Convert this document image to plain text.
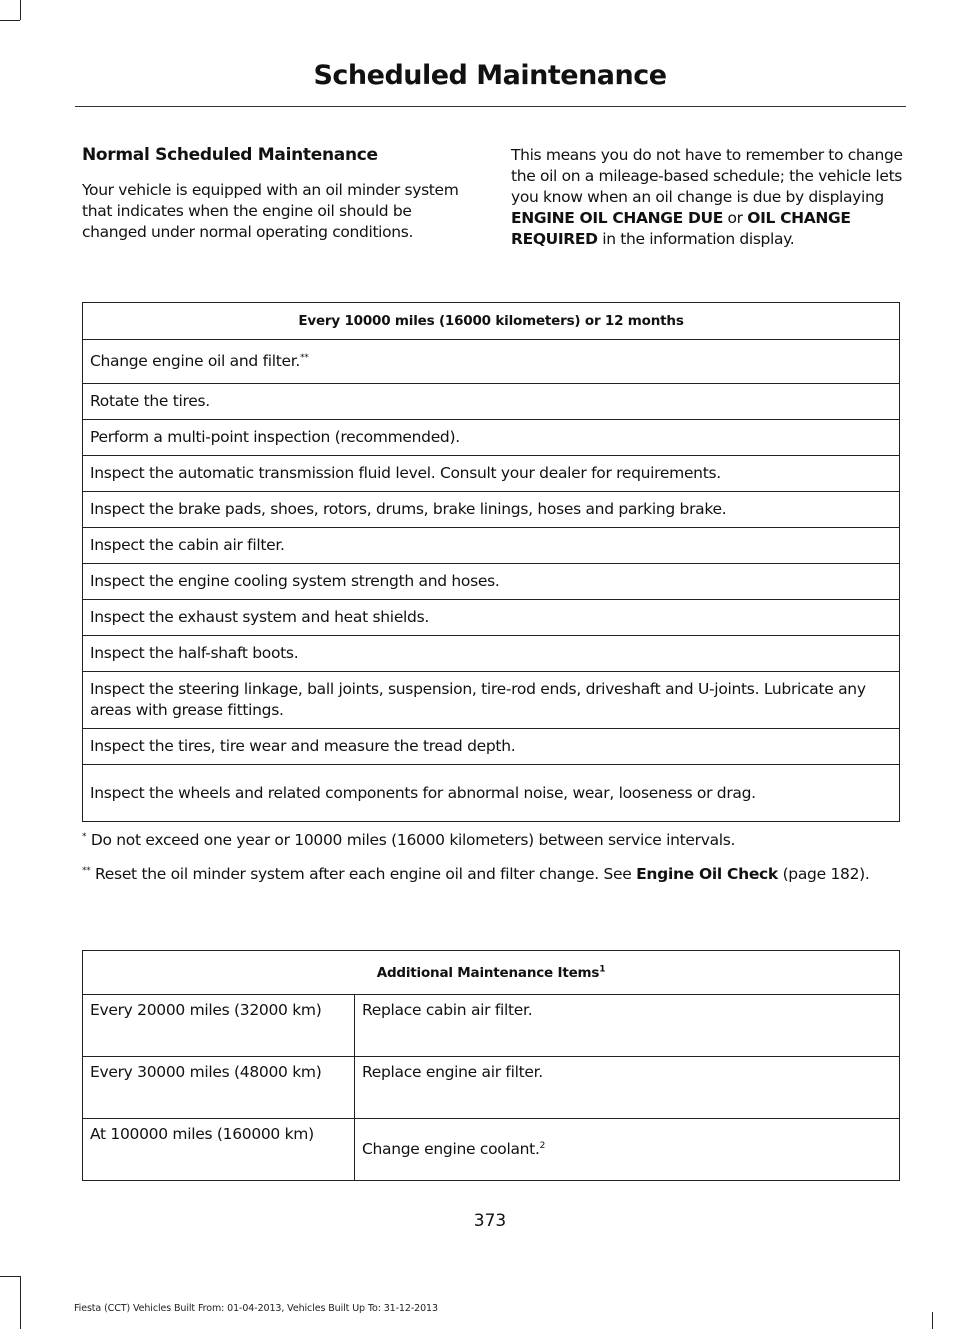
Scheduled Maintenance
Normal Scheduled Maintenance

Your vehicle is equipped with an oil minder system that indicates when the engine oil should be changed under normal operating conditions.

This means you do not have to remember to change the oil on a mileage-based schedule; the vehicle lets you know when an oil change is due by displaying ENGINE OIL CHANGE DUE or OIL CHANGE REQUIRED in the information display.

Every 10000 miles (16000 kilometers) or 12 months
Change engine oil and filter.**
Rotate the tires.
Perform a multi-point inspection (recommended).
Inspect the automatic transmission fluid level. Consult your dealer for requirements.
Inspect the brake pads, shoes, rotors, drums, brake linings, hoses and parking brake.
Inspect the cabin air filter.
Inspect the engine cooling system strength and hoses.
Inspect the exhaust system and heat shields.
Inspect the half-shaft boots.
Inspect the steering linkage, ball joints, suspension, tire-rod ends, driveshaft and U-joints. Lubricate any areas with grease fittings.
Inspect the tires, tire wear and measure the tread depth.
Inspect the wheels and related components for abnormal noise, wear, looseness or drag.
* Do not exceed one year or 10000 miles (16000 kilometers) between service intervals.
** Reset the oil minder system after each engine oil and filter change. See Engine Oil Check (page 182).
Additional Maintenance Items$^1$
Every 20000 miles (32000 km)	Replace cabin air filter.
Every 30000 miles (48000 km)	Replace engine air filter.
At 100000 miles (160000 km)	Change engine coolant.$^2$
373
Fiesta (CCT) Vehicles Built From: 01-04-2013, Vehicles Built Up To: 31-12-2013
